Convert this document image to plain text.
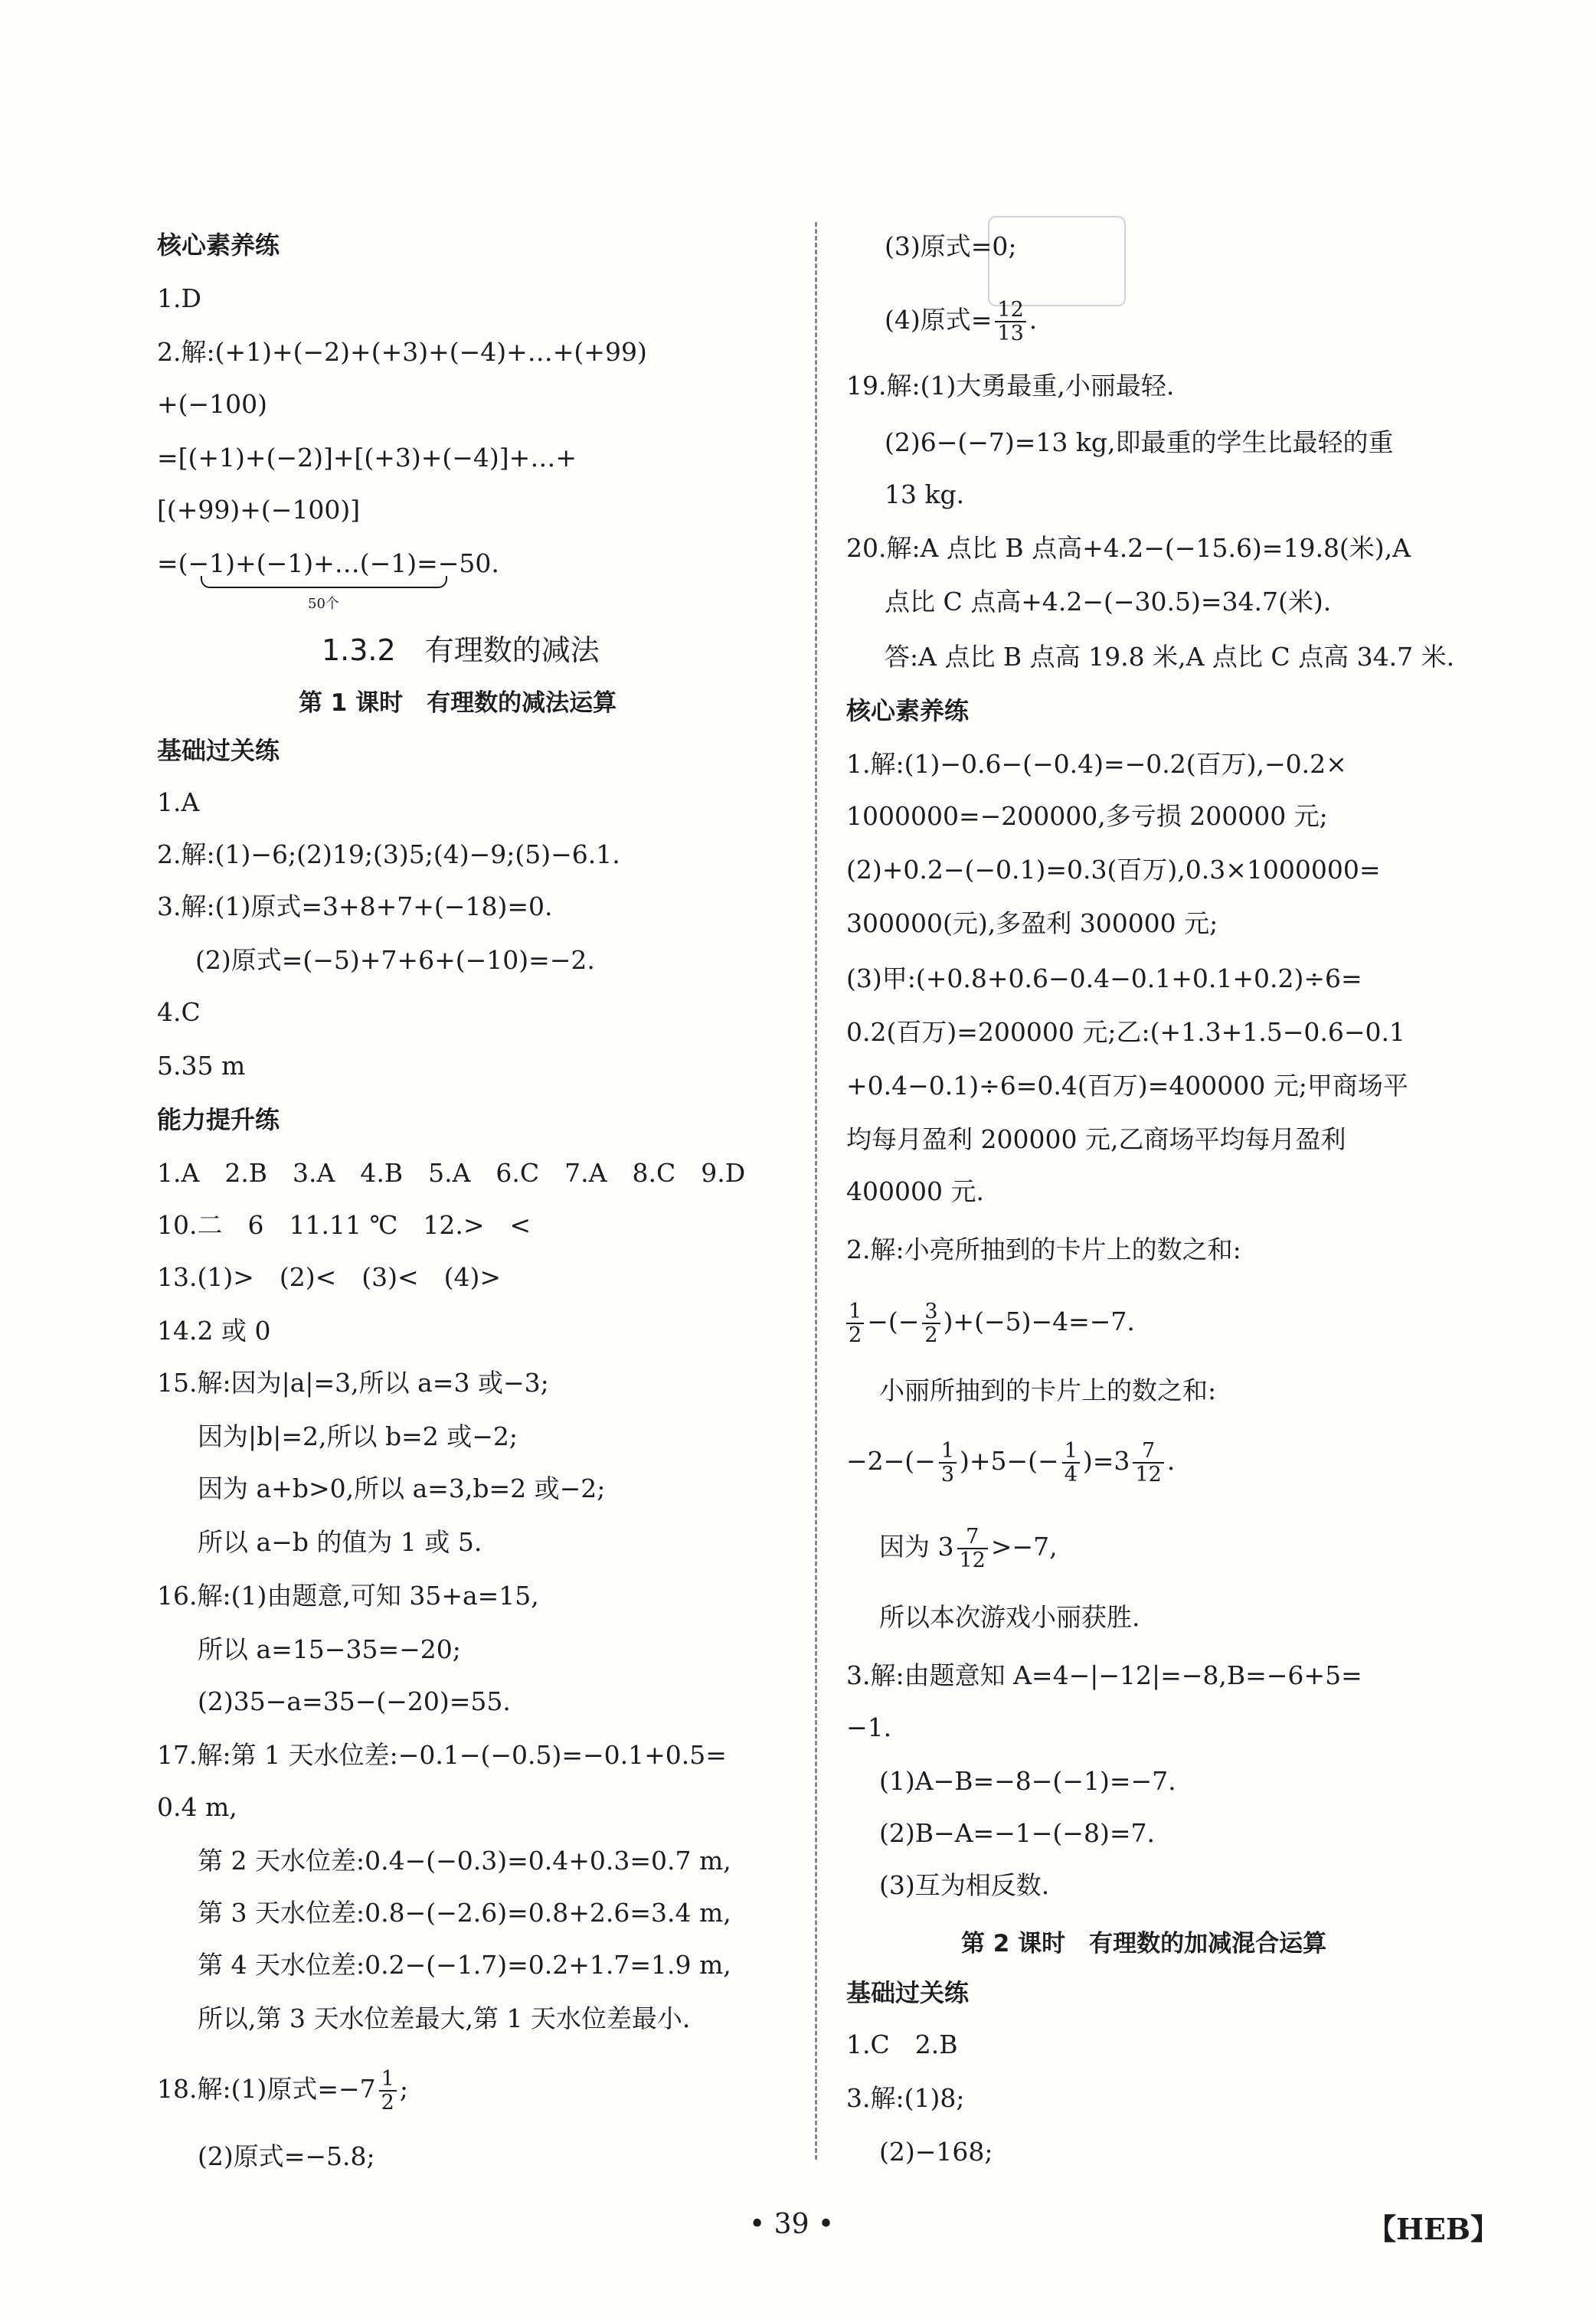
核心素养练
1.D
2.解:(+1)+(−2)+(+3)+(−4)+…+(+99)
+(−100)
=[(+1)+(−2)]+[(+3)+(−4)]+…+
[(+99)+(−100)]
=(−1)+(−1)+…(−1)=−50.
50个
1.3.2　有理数的减法
第 1 课时　有理数的减法运算
基础过关练
1.A
2.解:(1)−6;(2)19;(3)5;(4)−9;(5)−6.1.
3.解:(1)原式=3+8+7+(−18)=0.
(2)原式=(−5)+7+6+(−10)=−2.
4.C
5.35 m
能力提升练
1.A　2.B　3.A　4.B　5.A　6.C　7.A　8.C　9.D
10.二　6　11.11 ℃　12.>　<
13.(1)>　(2)<　(3)<　(4)>
14.2 或 0
15.解:因为|a|=3,所以 a=3 或−3;
因为|b|=2,所以 b=2 或−2;
因为 a+b>0,所以 a=3,b=2 或−2;
所以 a−b 的值为 1 或 5.
16.解:(1)由题意,可知 35+a=15,
所以 a=15−35=−20;
(2)35−a=35−(−20)=55.
17.解:第 1 天水位差:−0.1−(−0.5)=−0.1+0.5=
0.4 m,
第 2 天水位差:0.4−(−0.3)=0.4+0.3=0.7 m,
第 3 天水位差:0.8−(−2.6)=0.8+2.6=3.4 m,
第 4 天水位差:0.2−(−1.7)=0.2+1.7=1.9 m,
所以,第 3 天水位差最大,第 1 天水位差最小.
18.解:(1)原式$=-7 \frac{1}{2}$ ;
(2)原式=−5.8;
(3)原式=0;
(4)原式= $\frac{12}{13}$ .
19.解:(1)大勇最重,小丽最轻.
(2)6−(−7)=13 kg,即最重的学生比最轻的重
13 kg.
20.解:A 点比 B 点高+4.2−(−15.6)=19.8(米),A
点比 C 点高+4.2−(−30.5)=34.7(米).
答:A 点比 B 点高 19.8 米,A 点比 C 点高 34.7 米.
核心素养练
1.解:(1)−0.6−(−0.4)=−0.2(百万),−0.2×
1000000=−200000,多亏损 200000 元;
(2)+0.2−(−0.1)=0.3(百万),0.3×1000000=
300000(元),多盈利 300000 元;
(3)甲:(+0.8+0.6−0.4−0.1+0.1+0.2)÷6=
0.2(百万)=200000 元;乙:(+1.3+1.5−0.6−0.1
+0.4−0.1)÷6=0.4(百万)=400000 元;甲商场平
均每月盈利 200000 元,乙商场平均每月盈利
400000 元.
2.解:小亮所抽到的卡片上的数之和:
$\frac{1}{2}$ −(− $\frac{3}{2} )+(-5)-4=-7$.
小丽所抽到的卡片上的数之和:
$-2-(- \frac{1}{3} )+5-(- \frac{1}{4} )=3 \frac{7}{12}$ .
因为 $3 \frac{7}{12} >-7$,
所以本次游戏小丽获胜.
3.解:由题意知 A=4−|−12|=−8,B=−6+5=
−1.
(1)A−B=−8−(−1)=−7.
(2)B−A=−1−(−8)=7.
(3)互为相反数.
第 2 课时　有理数的加减混合运算
基础过关练
1.C　2.B
3.解:(1)8;
(2)−168;
• 39 •	【HEB】
